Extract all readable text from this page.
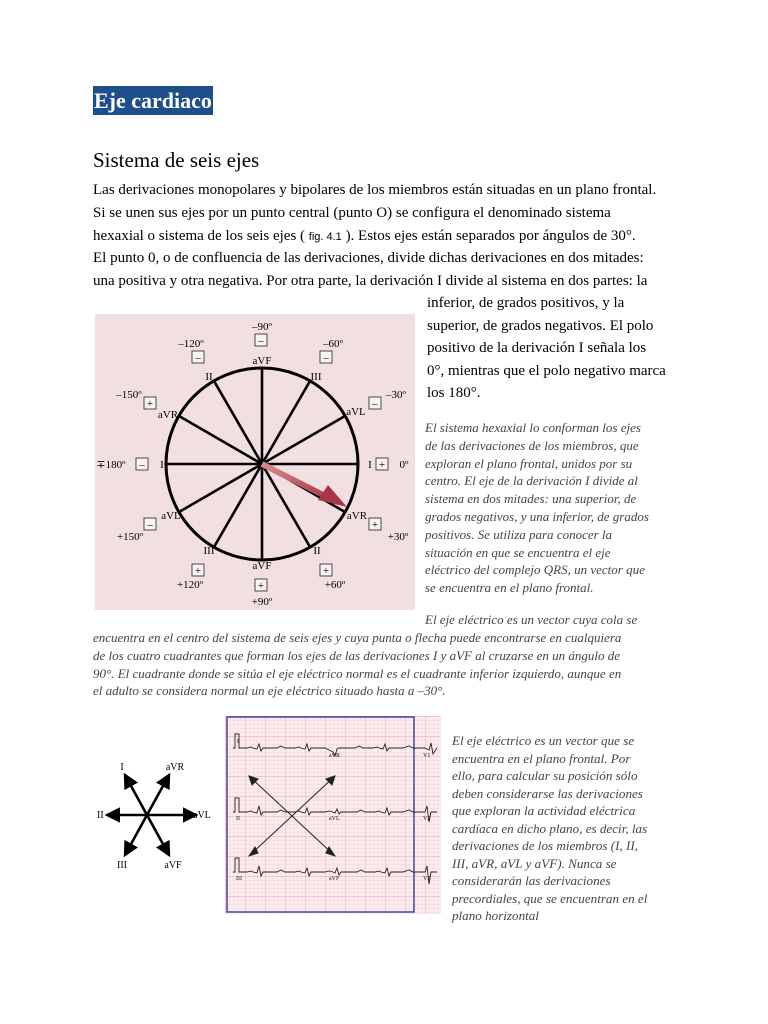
Eje cardiaco
Sistema de seis ejes
Las derivaciones monopolares y bipolares de los miembros están situadas en un plano frontal.
Si se unen sus ejes por un punto central (punto O) se configura el denominado sistema
hexaxial o sistema de los seis ejes ( fig. 4.1 ). Estos ejes están separados por ángulos de 30°.
El punto 0, o de confluencia de las derivaciones, divide dichas derivaciones en dos mitades:
una positiva y otra negativa. Por otra parte, la derivación I divide al sistema en dos partes: la
inferior, de grados positivos, y la
superior, de grados negativos. El polo
positivo de la derivación I señala los
0°, mientras que el polo negativo marca
los 180°.
–90º
aVF
–120º
II
–60º
III
–150º
aVR
–30º
aVL
∓180º	I	I	0º
aVL
+150º
aVR
+30º
III
+120º
II
+60º
aVF
+90º
–
–	–
+	–
–	+
–	+
+	+
+
El sistema hexaxial lo conforman los ejes
de las derivaciones de los miembros, que
exploran el plano frontal, unidos por su
centro. El eje de la derivación I divide al
sistema en dos mitades: una superior, de
grados negativos, y una inferior, de grados
positivos. Se utiliza para conocer la
situación en que se encuentra el eje
eléctrico del complejo QRS, un vector que
se encuentra en el plano frontal.
El eje eléctrico es un vector cuya cola se
encuentra en el centro del sistema de seis ejes y cuya punta o flecha puede encontrarse en cualquiera
de los cuatro cuadrantes que forman los ejes de las derivaciones I y aVF al cruzarse en un ángulo de
90°. El cuadrante donde se sitúa el eje eléctrico normal es el cuadrante inferior izquierdo, aunque en
el adulto se considera normal un eje eléctrico situado hasta a –30°.
I	aVR
II	aVL
III	aVF
I
aVR	V1
II	aVL	V2
III	aVF	V3
El eje eléctrico es un vector que se
encuentra en el plano frontal. Por
ello, para calcular su posición sólo
deben considerarse las derivaciones
que exploran la actividad eléctrica
cardíaca en dicho plano, es decir, las
derivaciones de los miembros (I, II,
III, aVR, aVL y aVF). Nunca se
considerarán las derivaciones
precordiales, que se encuentran en el
plano horizontal
